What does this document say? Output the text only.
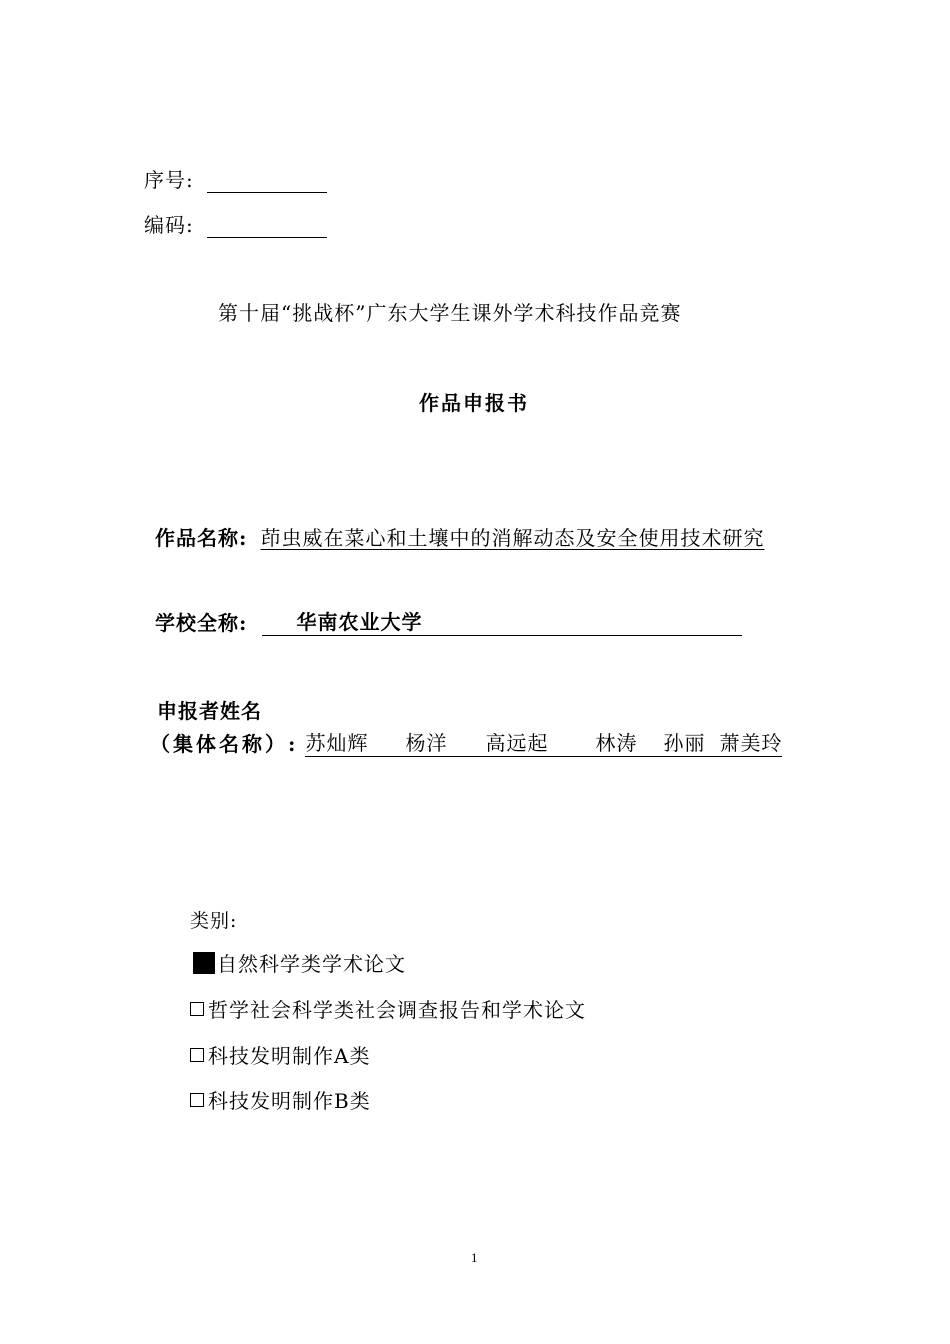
序号:
编码:
第十届“挑战杯”广东大学生课外学术科技作品竞赛
作品申报书
作品名称: 茚虫威在菜心和土壤中的消解动态及安全使用技术研究
学校全称: 华南农业大学
申报者姓名
（集体名称）: 苏灿辉 杨洋 高远起 林涛 孙丽 萧美玲
类别:
自然科学类学术论文
哲学社会科学类社会调查报告和学术论文
科技发明制作A类
科技发明制作B类
1
